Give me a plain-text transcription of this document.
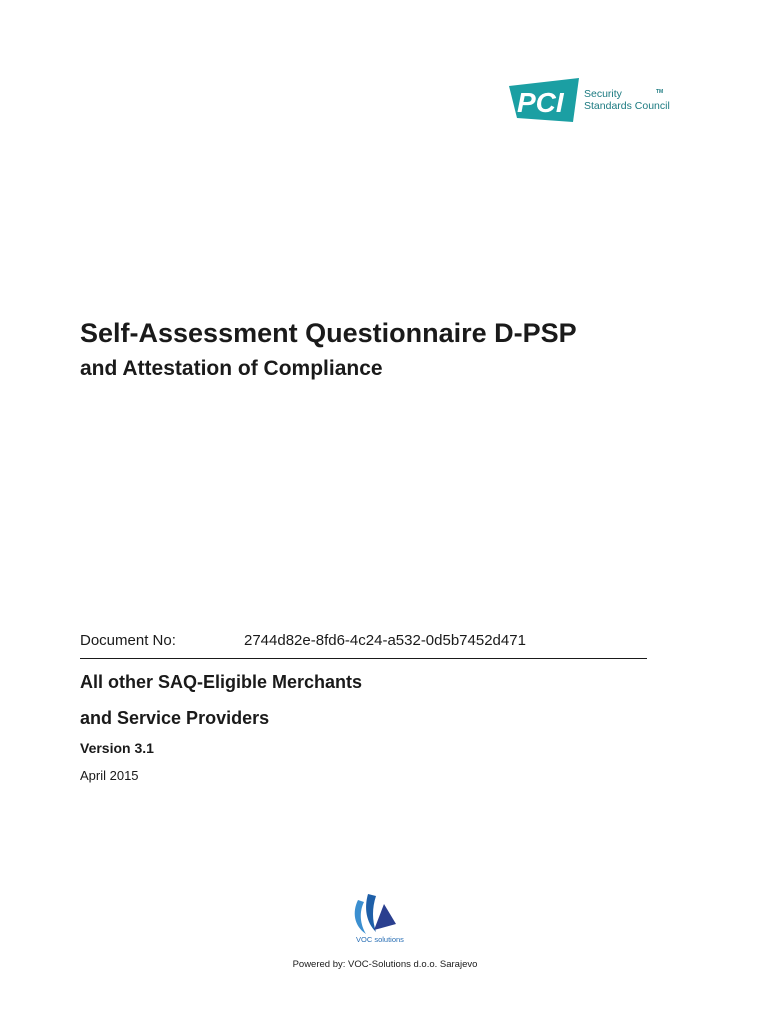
PCI Security
Standards Council
TM
Self-Assessment Questionnaire D-PSP
and Attestation of Compliance
Document No:	2744d82e-8fd6-4c24-a532-0d5b7452d471
All other SAQ-Eligible Merchants
and Service Providers
Version 3.1
April 2015
VOC solutions
Powered by: VOC-Solutions d.o.o. Sarajevo
